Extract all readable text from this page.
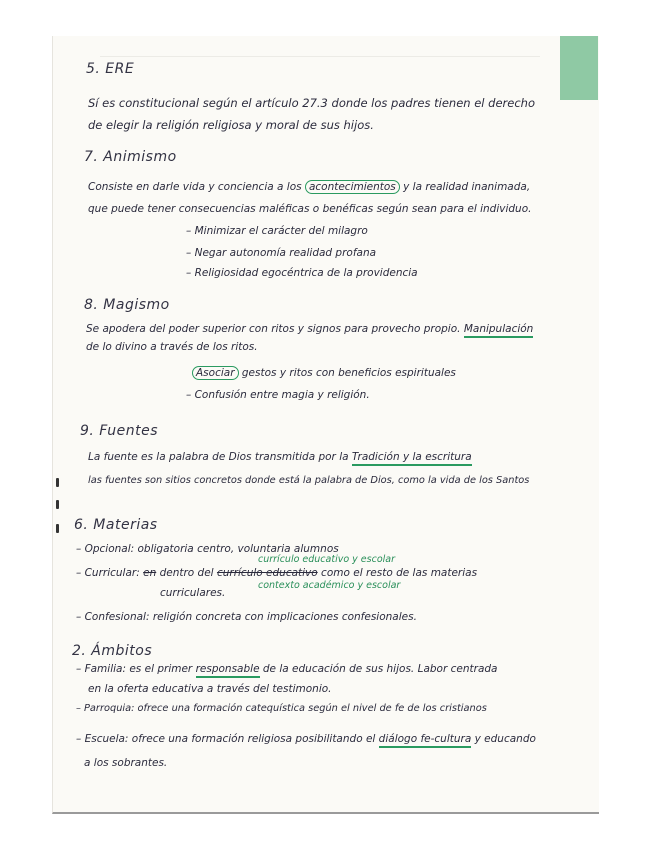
5. ERE
Sí es constitucional según el artículo 27.3 donde los padres tienen el derecho
de elegir la religión religiosa y moral de sus hijos.
7. Animismo
Consiste en darle vida y conciencia a los acontecimientos y la realidad inanimada,
que puede tener consecuencias maléficas o benéficas según sean para el individuo.
– Minimizar el carácter del milagro
– Negar autonomía realidad profana
– Religiosidad egocéntrica de la providencia
8. Magismo
Se apodera del poder superior con ritos y signos para provecho propio. Manipulación
de lo divino a través de los ritos.
Asociar gestos y ritos con beneficios espirituales
– Confusión entre magia y religión.
9. Fuentes
La fuente es la palabra de Dios transmitida por la Tradición y la escritura
las fuentes son sitios concretos donde está la palabra de Dios, como la vida de los Santos
6. Materias
– Opcional: obligatoria centro, voluntaria alumnos
currículo educativo y escolar
– Curricular: en dentro del currículo educativo como el resto de las materias
curriculares.
contexto académico y escolar
– Confesional: religión concreta con implicaciones confesionales.
2. Ámbitos
– Familia: es el primer responsable de la educación de sus hijos. Labor centrada
en la oferta educativa a través del testimonio.
– Parroquia: ofrece una formación catequística según el nivel de fe de los cristianos
– Escuela: ofrece una formación religiosa posibilitando el diálogo fe-cultura y educando
a los sobrantes.
